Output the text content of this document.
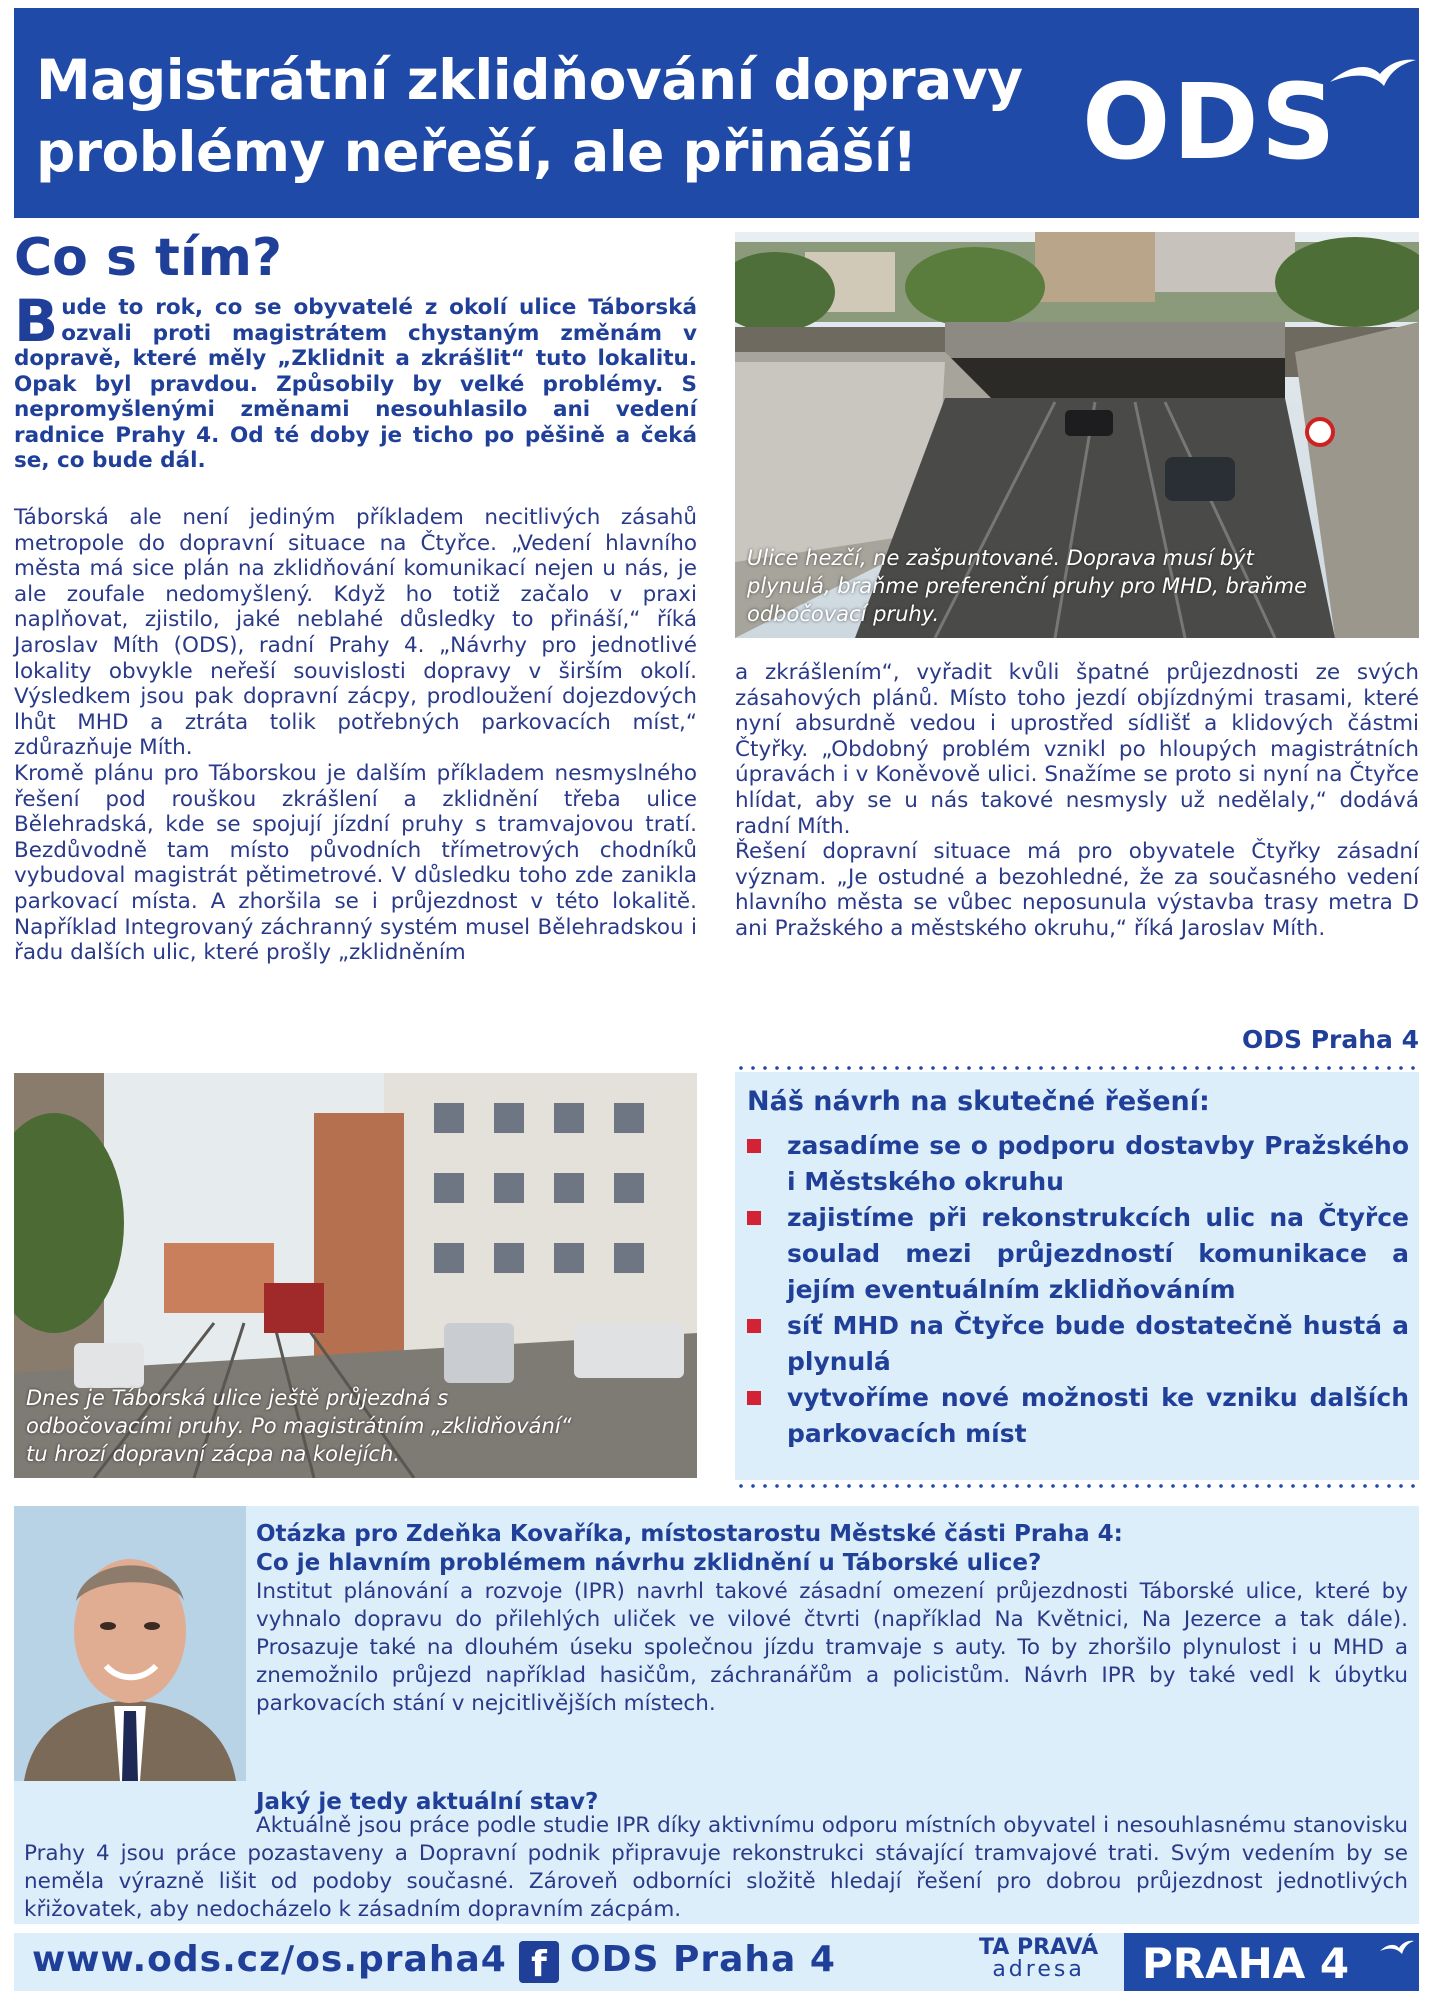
Magistrátní zklidňování dopravy
problémy neřeší, ale přináší!	ODS
Co s tím?
Bude to rok, co se obyvatelé z okolí ulice Táborská ozvali proti magistrátem chystaným změnám v dopravě, které měly „Zklidnit a zkrášlit“ tuto lokalitu. Opak byl pravdou. Způsobily by velké problémy. S nepromyšlenými změnami nesouhlasilo ani vedení radnice Prahy 4. Od té doby je ticho po pěšině a čeká se, co bude dál.

Táborská ale není jediným příkladem necitlivých zásahů metropole do dopravní situace na Čtyřce. „Vedení hlavního města má sice plán na zklidňování komunikací nejen u nás, je ale zoufale nedomyšlený. Když ho totiž začalo v praxi naplňovat, zjistilo, jaké neblahé důsledky to přináší,“ říká Jaroslav Míth (ODS), radní Prahy 4. „Návrhy pro jednotlivé lokality obvykle neřeší souvislosti dopravy v širším okolí. Výsledkem jsou pak dopravní zácpy, prodloužení dojezdových lhůt MHD a ztráta tolik potřebných parkovacích míst,“ zdůrazňuje Míth.

Kromě plánu pro Táborskou je dalším příkladem nesmyslného řešení pod rouškou zkrášlení a zklidnění třeba ulice Bělehradská, kde se spojují jízdní pruhy s tramvajovou tratí. Bezdůvodně tam místo původních třímetrových chodníků vybudoval magistrát pětimetrové. V důsledku toho zde zanikla parkovací místa. A zhoršila se i průjezdnost v této lokalitě. Například Integrovaný záchranný systém musel Bělehradskou i řadu dalších ulic, které prošly „zklidněním

Ulice hezčí, ne zašpuntované. Doprava musí být plynulá, braňme preferenční pruhy pro MHD, braňme odbočovací pruhy.

a zkrášlením“, vyřadit kvůli špatné průjezdnosti ze svých zásahových plánů. Místo toho jezdí objízdnými trasami, které nyní absurdně vedou i uprostřed sídlišť a klidových částmi Čtyřky. „Obdobný problém vznikl po hloupých magistrátních úpravách i v Koněvově ulici. Snažíme se proto si nyní na Čtyřce hlídat, aby se u nás takové nesmysly už nedělaly,“ dodává radní Míth.

Řešení dopravní situace má pro obyvatele Čtyřky zásadní význam. „Je ostudné a bezohledné, že za současného vedení hlavního města se vůbec neposunula výstavba trasy metra D ani Pražského a městského okruhu,“ říká Jaroslav Míth.

ODS Praha 4
Dnes je Táborská ulice ještě průjezdná s odbočovacími pruhy. Po magistrátním „zklidňování“ tu hrozí dopravní zácpa na kolejích.
Náš návrh na skutečné řešení:
zasadíme se o podporu dostavby Pražského i Městského okruhu
zajistíme při rekonstrukcích ulic na Čtyřce soulad mezi průjezdností komunikace a jejím eventuálním zklidňováním
síť MHD na Čtyřce bude dostatečně hustá a plynulá
vytvoříme nové možnosti ke vzniku dalších parkovacích míst
Otázka pro Zdeňka Kovaříka, místostarostu Městské části Praha 4:
Co je hlavním problémem návrhu zklidnění u Táborské ulice?
Institut plánování a rozvoje (IPR) navrhl takové zásadní omezení průjezdnosti Táborské ulice, které by vyhnalo dopravu do přilehlých uliček ve vilové čtvrti (například Na Květnici, Na Jezerce a tak dále). Prosazuje také na dlouhém úseku společnou jízdu tramvaje s auty. To by zhoršilo plynulost i u MHD a znemožnilo průjezd například hasičům, záchranářům a policistům. Návrh IPR by také vedl k úbytku parkovacích stání v nejcitlivějších místech.
Jaký je tedy aktuální stav?
Aktuálně jsou práce podle studie IPR díky aktivnímu odporu místních obyvatel i nesouhlasnému stanovisku Prahy 4 jsou práce pozastaveny a Dopravní podnik připravuje rekonstrukci stávající tramvajové trati. Svým vedením by se neměla výrazně lišit od podoby současné. Zároveň odborníci složitě hledají řešení pro dobrou průjezdnost jednotlivých křižovatek, aby nedocházelo k zásadním dopravním zácpám.
www.ods.cz/os.praha4 f ODS Praha 4	TA PRAVÁ
adresa	PRAHA 4
